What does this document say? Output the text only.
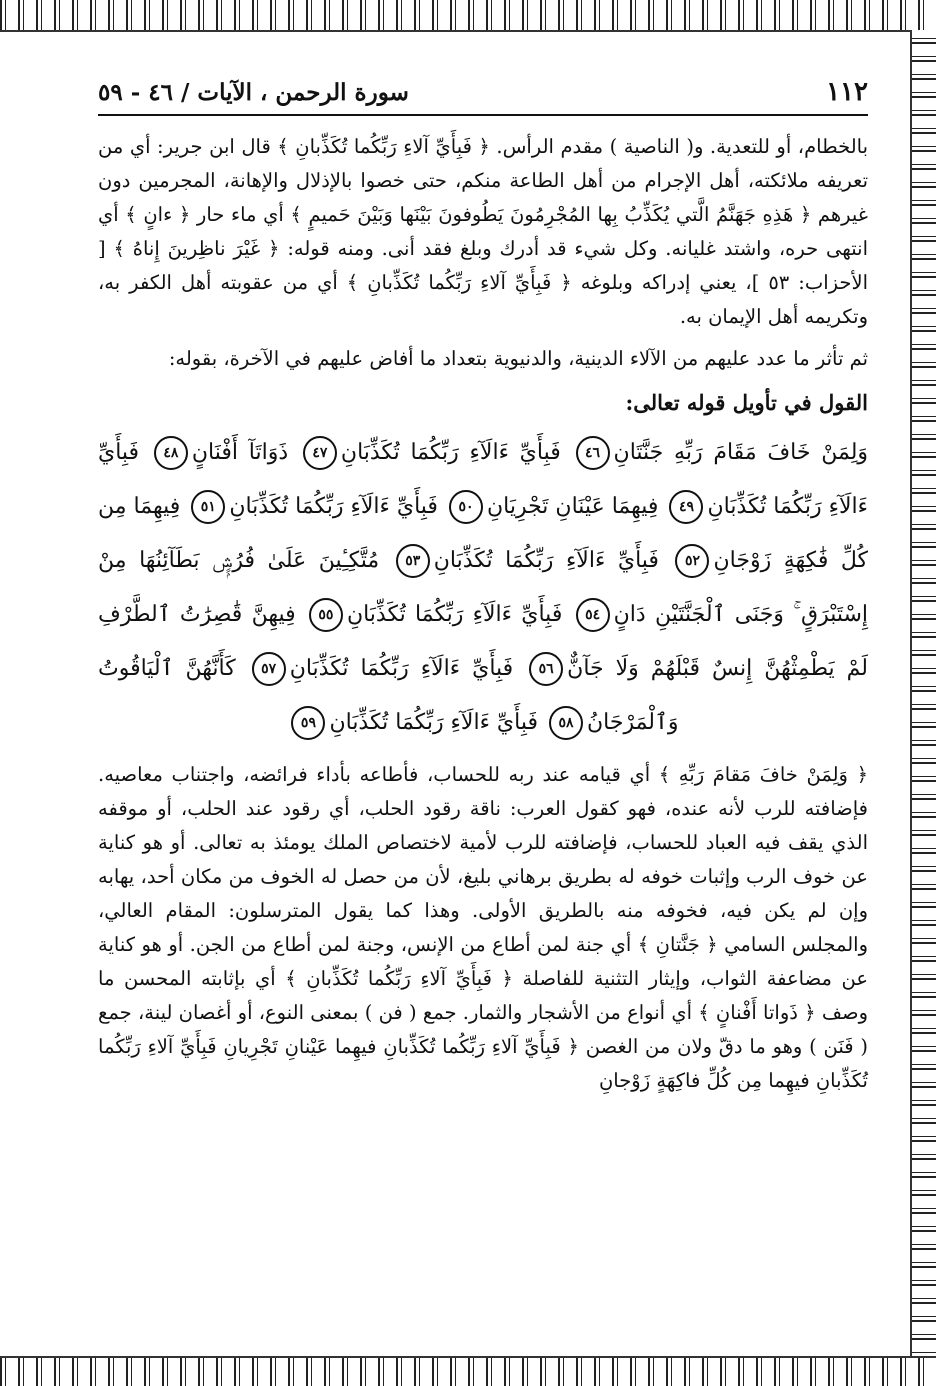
١١٢
سورة الرحمن ، الآيات / ٤٦ - ٥٩

بالخطام، أو للتعدية. و( الناصية ) مقدم الرأس. ﴿ فَبِأَيِّ آلاءِ رَبِّكُما تُكَذِّبانِ ﴾ قال ابن جرير: أي من تعريفه ملائكته، أهل الإجرام من أهل الطاعة منكم، حتى خصوا بالإذلال والإهانة، المجرمين دون غيرهم ﴿ هَذِهِ جَهَنَّمُ الَّتي يُكَذِّبُ بِها المُجْرِمُونَ يَطُوفونَ بَيْنَها وَبَيْنَ حَميمٍ ﴾ أي ماء حار ﴿ ءانٍ ﴾ أي انتهى حره، واشتد غليانه. وكل شيء قد أدرك وبلغ فقد أنى. ومنه قوله: ﴿ غَيْرَ ناظِرينَ إِناهُ ﴾ [ الأحزاب: ٥٣ ]، يعني إدراكه وبلوغه ﴿ فَبِأَيِّ آلاءِ رَبِّكُما تُكَذِّبانِ ﴾ أي من عقوبته أهل الكفر به، وتكريمه أهل الإيمان به.

ثم تأثر ما عدد عليهم من الآلاء الدينية، والدنيوية بتعداد ما أفاض عليهم في الآخرة، بقوله:

القول في تأويل قوله تعالى:
وَلِمَنْ خَافَ مَقَامَ رَبِّهِ جَنَّتَانِ٤٦ فَبِأَيِّ ءَالَآءِ رَبِّكُمَا تُكَذِّبَانِ٤٧ ذَوَاتَآ أَفْنَانٍ٤٨ فَبِأَيِّ ءَالَآءِ رَبِّكُمَا تُكَذِّبَانِ٤٩ فِيهِمَا عَيْنَانِ تَجْرِيَانِ٥٠ فَبِأَيِّ ءَالَآءِ رَبِّكُمَا تُكَذِّبَانِ٥١ فِيهِمَا مِن كُلِّ فَٰكِهَةٍ زَوْجَانِ٥٢ فَبِأَيِّ ءَالَآءِ رَبِّكُمَا تُكَذِّبَانِ٥٣ مُتَّكِـِٔينَ عَلَىٰ فُرُشٍۭ بَطَآئِنُهَا مِنْ إِسْتَبْرَقٍ ۚ وَجَنَى ٱلْجَنَّتَيْنِ دَانٍ٥٤ فَبِأَيِّ ءَالَآءِ رَبِّكُمَا تُكَذِّبَانِ٥٥ فِيهِنَّ قَٰصِرَٰتُ ٱلطَّرْفِ لَمْ يَطْمِثْهُنَّ إِنسٌ قَبْلَهُمْ وَلَا جَآنٌّ٥٦ فَبِأَيِّ ءَالَآءِ رَبِّكُمَا تُكَذِّبَانِ٥٧ كَأَنَّهُنَّ ٱلْيَاقُوتُ وَٱلْمَرْجَانُ٥٨ فَبِأَيِّ ءَالَآءِ رَبِّكُمَا تُكَذِّبَانِ٥٩

﴿ وَلِمَنْ خافَ مَقامَ رَبِّهِ ﴾ أي قيامه عند ربه للحساب، فأطاعه بأداء فرائضه، واجتناب معاصيه. فإضافته للرب لأنه عنده، فهو كقول العرب: ناقة رقود الحلب، أي رقود عند الحلب، أو موقفه الذي يقف فيه العباد للحساب، فإضافته للرب لأمية لاختصاص الملك يومئذ به تعالى. أو هو كناية عن خوف الرب وإثبات خوفه له بطريق برهاني بليغ، لأن من حصل له الخوف من مكان أحد، يهابه وإن لم يكن فيه، فخوفه منه بالطريق الأولى. وهذا كما يقول المترسلون: المقام العالي، والمجلس السامي ﴿ جَنَّتانِ ﴾ أي جنة لمن أطاع من الإنس، وجنة لمن أطاع من الجن. أو هو كناية عن مضاعفة الثواب، وإيثار التثنية للفاصلة ﴿ فَبِأَيِّ آلاءِ رَبِّكُما تُكَذِّبانِ ﴾ أي بإثابته المحسن ما وصف ﴿ ذَواتا أَفْنانٍ ﴾ أي أنواع من الأشجار والثمار. جمع ( فن ) بمعنى النوع، أو أغصان لينة، جمع ( فَنَن ) وهو ما دقّ ولان من الغصن ﴿ فَبِأَيِّ آلاءِ رَبِّكُما تُكَذِّبانِ فيهِما عَيْنانِ تَجْرِيانِ فَبِأَيِّ آلاءِ رَبِّكُما تُكَذِّبانِ فيهِما مِن كُلِّ فاكِهَةٍ زَوْجانِ
